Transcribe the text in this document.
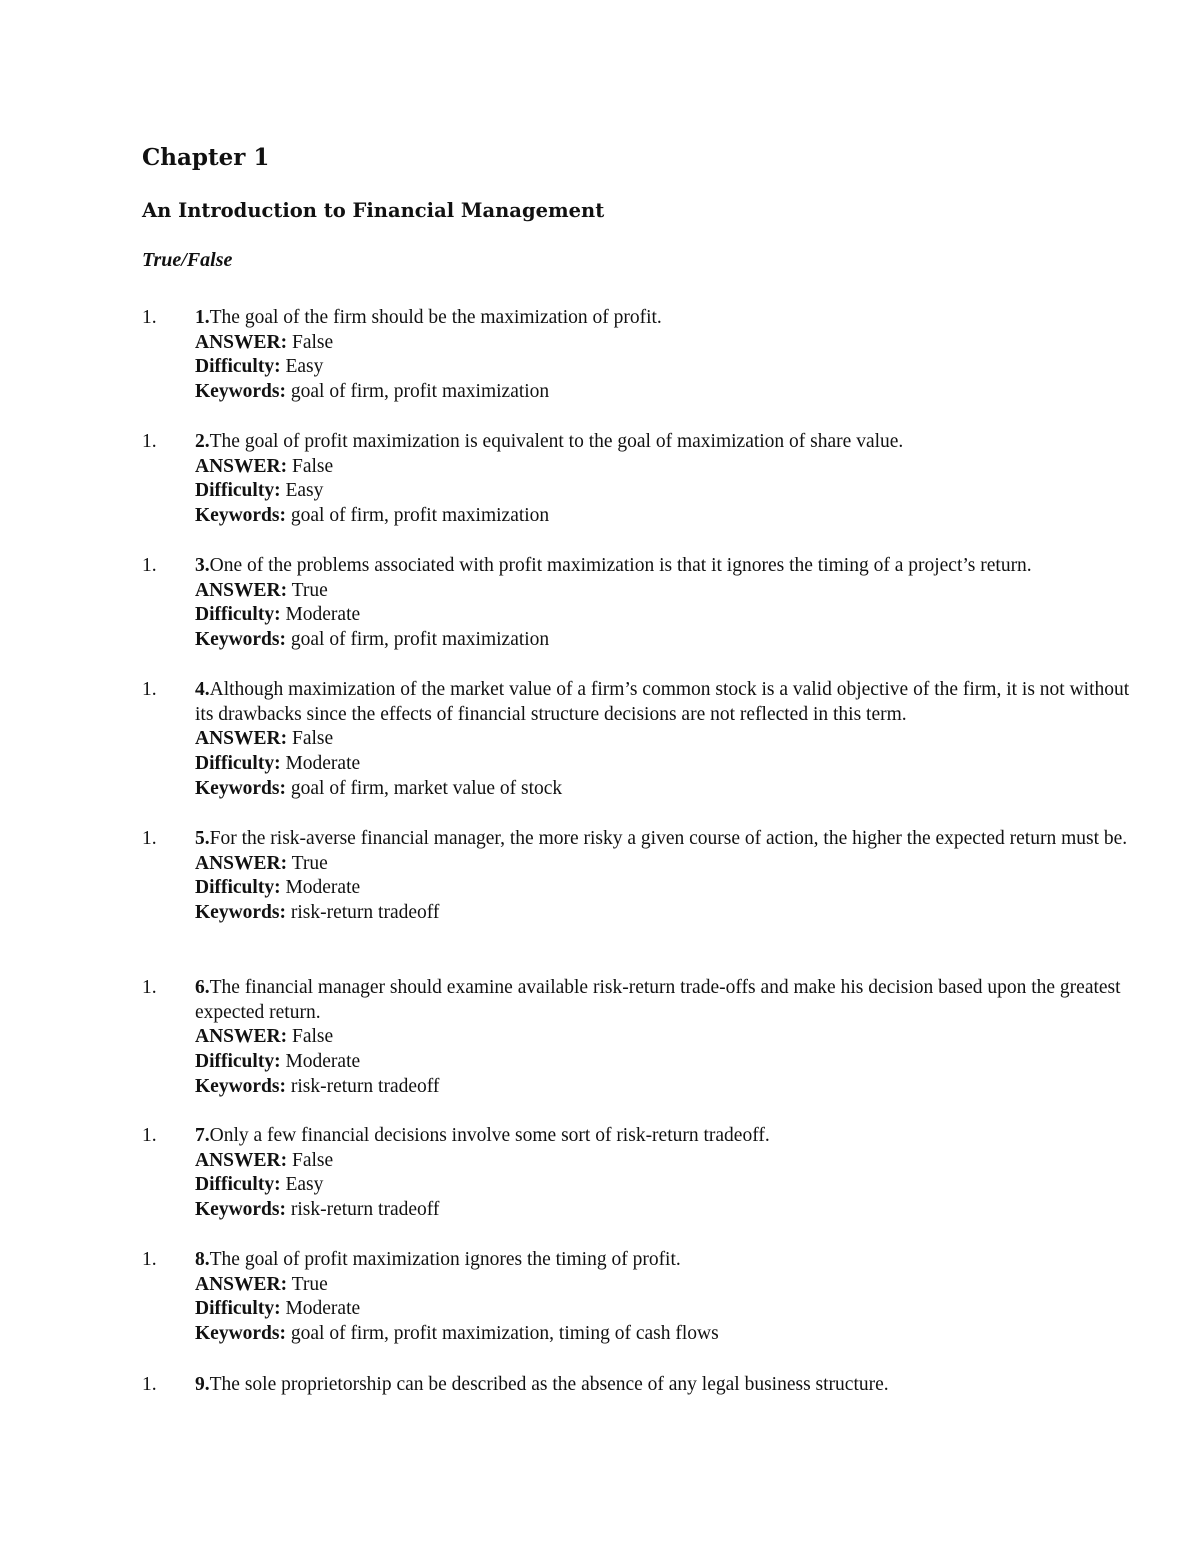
Chapter 1
An Introduction to Financial Management
True/False
1. 1.The goal of the firm should be the maximization of profit.
ANSWER: False
Difficulty: Easy
Keywords: goal of firm, profit maximization
1. 2.The goal of profit maximization is equivalent to the goal of maximization of share value.
ANSWER: False
Difficulty: Easy
Keywords: goal of firm, profit maximization
1. 3.One of the problems associated with profit maximization is that it ignores the timing of a project’s return.
ANSWER: True
Difficulty: Moderate
Keywords: goal of firm, profit maximization
1. 4.Although maximization of the market value of a firm’s common stock is a valid objective of the firm, it is not without its drawbacks since the effects of financial structure decisions are not reflected in this term.
ANSWER: False
Difficulty: Moderate
Keywords: goal of firm, market value of stock
1. 5.For the risk-averse financial manager, the more risky a given course of action, the higher the expected return must be.
ANSWER: True
Difficulty: Moderate
Keywords: risk-return tradeoff
1. 6.The financial manager should examine available risk-return trade-offs and make his decision based upon the greatest expected return.
ANSWER: False
Difficulty: Moderate
Keywords: risk-return tradeoff
1. 7.Only a few financial decisions involve some sort of risk-return tradeoff.
ANSWER: False
Difficulty: Easy
Keywords: risk-return tradeoff
1. 8.The goal of profit maximization ignores the timing of profit.
ANSWER: True
Difficulty: Moderate
Keywords: goal of firm, profit maximization, timing of cash flows
1. 9.The sole proprietorship can be described as the absence of any legal business structure.
